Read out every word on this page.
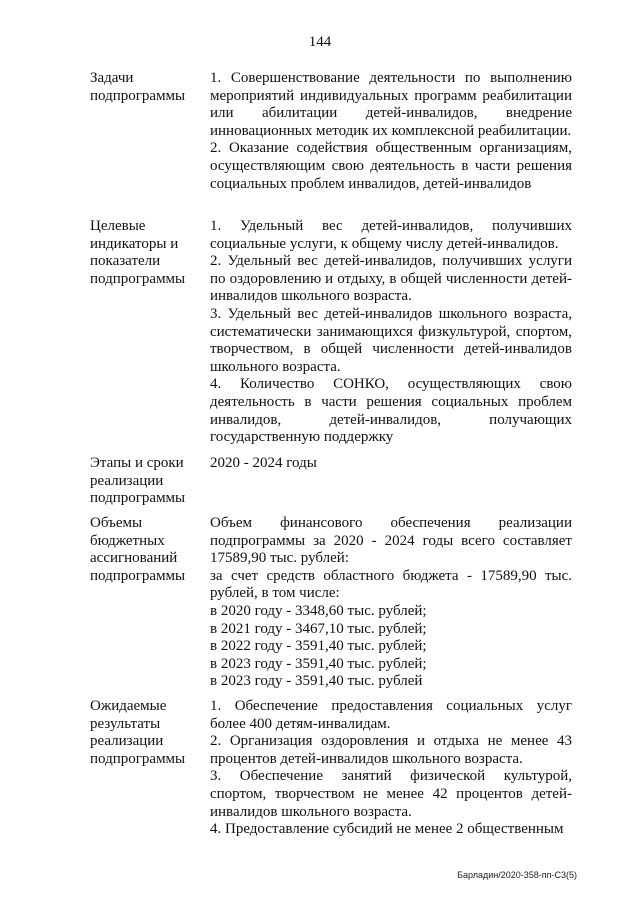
144
Задачи подпрограммы

1. Совершенствование деятельности по выполнению мероприятий индивидуальных программ реабилитации или абилитации детей-инвалидов, внедрение инновационных методик их комплексной реабилитации.

2. Оказание содействия общественным организациям, осуществляющим свою деятельность в части решения социальных проблем инвалидов, детей-инвалидов

Целевые индикаторы и показатели подпрограммы

1. Удельный вес детей-инвалидов, получивших социальные услуги, к общему числу детей-инвалидов.

2. Удельный вес детей-инвалидов, получивших услуги по оздоровлению и отдыху, в общей численности детей-инвалидов школьного возраста.

3. Удельный вес детей-инвалидов школьного возраста, систематически занимающихся физкультурой, спортом, творчеством, в общей численности детей-инвалидов школьного возраста.

4. Количество СОНКО, осуществляющих свою деятельность в части решения социальных проблем инвалидов, детей-инвалидов, получающих государственную поддержку

Этапы и сроки реализации подпрограммы

2020 - 2024 годы

Объемы бюджетных ассигнований подпрограммы

Объем финансового обеспечения реализации подпрограммы за 2020 - 2024 годы всего составляет 17589,90 тыс. рублей:

за счет средств областного бюджета - 17589,90 тыс. рублей, в том числе:

в 2020 году - 3348,60 тыс. рублей;

в 2021 году - 3467,10 тыс. рублей;

в 2022 году - 3591,40 тыс. рублей;

в 2023 году - 3591,40 тыс. рублей;

в 2023 году - 3591,40 тыс. рублей

Ожидаемые результаты реализации подпрограммы

1. Обеспечение предоставления социальных услуг более 400 детям-инвалидам.

2. Организация оздоровления и отдыха не менее 43 процентов детей-инвалидов школьного возраста.

3. Обеспечение занятий физической культурой, спортом, творчеством не менее 42 процентов детей-инвалидов школьного возраста.

4. Предоставление субсидий не менее 2 общественным

Барладин/2020-358-пп-С3(5)
